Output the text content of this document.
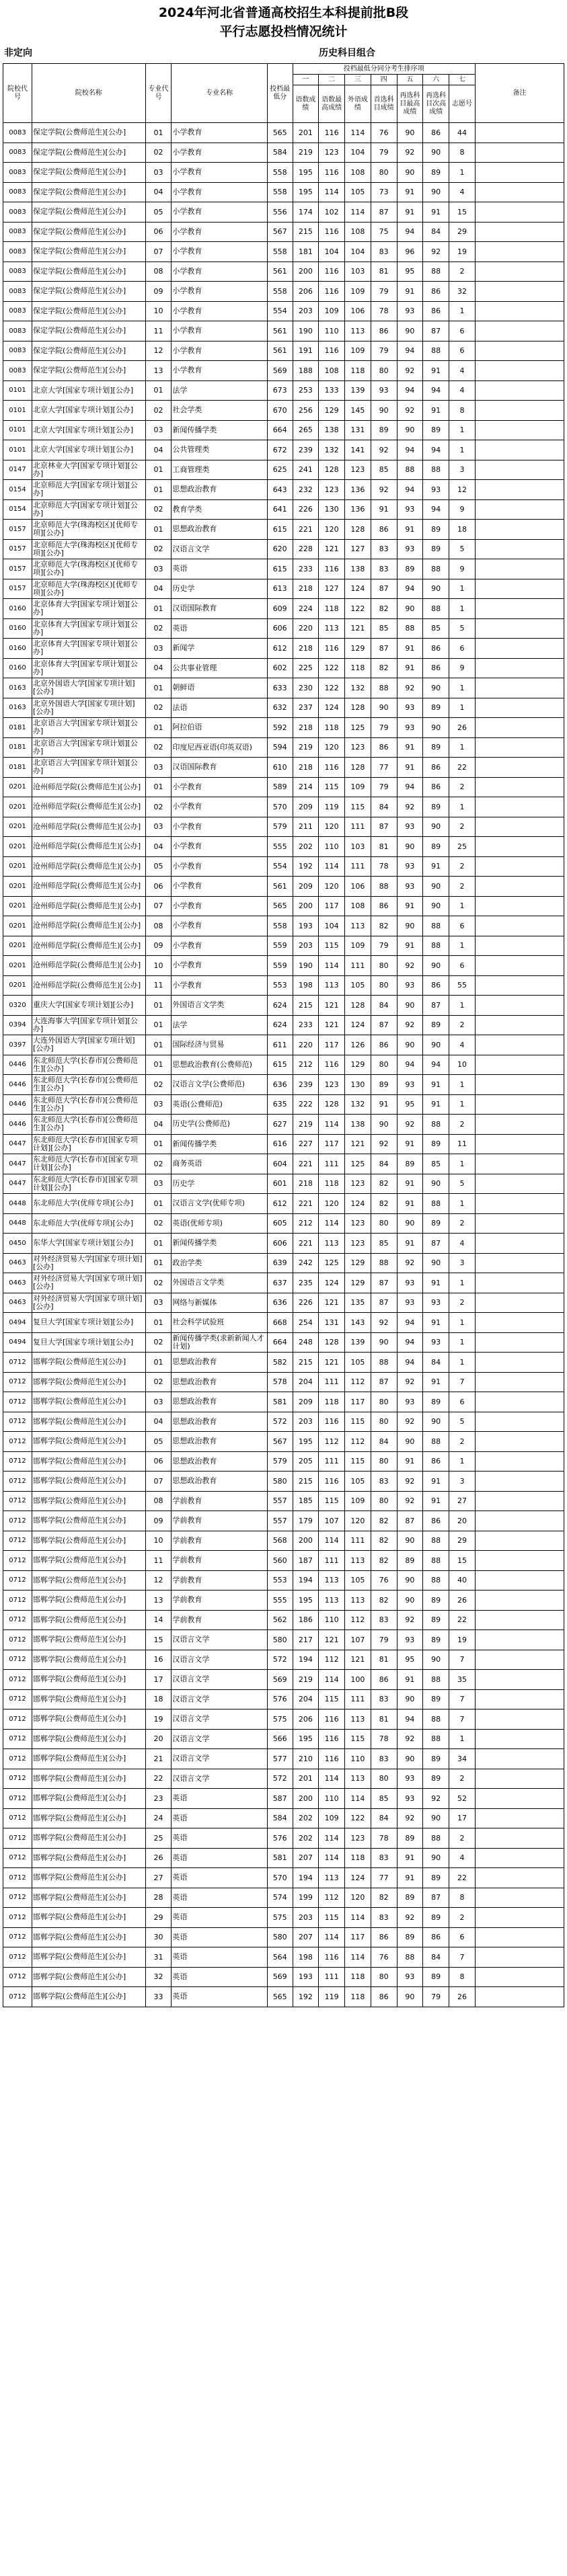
2024年河北省普通高校招生本科提前批B段
平行志愿投档情况统计
非定向	历史科目组合
院校代号	院校名称	专业代号	专业名称	投档最低分	投档最低分同分考生排序项							备注
					一	二	三	四	五	六	七	
					语数成绩	语数最高成绩	外语成绩	首选科目成绩	再选科目最高成绩	再选科目次高成绩	志愿号	
0083	保定学院(公费师范生)[公办]	01	小学教育	565	201	116	114	76	90	86	44	
0083	保定学院(公费师范生)[公办]	02	小学教育	584	219	123	104	79	92	90	8	
0083	保定学院(公费师范生)[公办]	03	小学教育	558	195	116	108	80	90	89	1	
0083	保定学院(公费师范生)[公办]	04	小学教育	558	195	114	105	73	91	90	4	
0083	保定学院(公费师范生)[公办]	05	小学教育	556	174	102	114	87	91	91	15	
0083	保定学院(公费师范生)[公办]	06	小学教育	567	215	116	108	75	94	84	29	
0083	保定学院(公费师范生)[公办]	07	小学教育	558	181	104	104	83	96	92	19	
0083	保定学院(公费师范生)[公办]	08	小学教育	561	200	116	103	81	95	88	2	
0083	保定学院(公费师范生)[公办]	09	小学教育	558	206	116	109	79	91	86	32	
0083	保定学院(公费师范生)[公办]	10	小学教育	554	203	109	106	78	93	86	1	
0083	保定学院(公费师范生)[公办]	11	小学教育	561	190	110	113	86	90	87	6	
0083	保定学院(公费师范生)[公办]	12	小学教育	561	191	116	109	79	94	88	6	
0083	保定学院(公费师范生)[公办]	13	小学教育	569	188	108	118	80	92	91	4	
0101	北京大学[国家专项计划][公办]	01	法学	673	253	133	139	93	94	94	4	
0101	北京大学[国家专项计划][公办]	02	社会学类	670	256	129	145	90	92	91	8	
0101	北京大学[国家专项计划][公办]	03	新闻传播学类	664	265	138	131	89	90	89	1	
0101	北京大学[国家专项计划][公办]	04	公共管理类	672	239	132	141	92	94	94	1	
0147	北京林业大学[国家专项计划][公办]	01	工商管理类	625	241	128	123	85	88	88	3	
0154	北京师范大学[国家专项计划][公办]	01	思想政治教育	643	232	123	136	92	94	93	12	
0154	北京师范大学[国家专项计划][公办]	02	教育学类	641	226	130	136	91	93	94	9	
0157	北京师范大学(珠海校区)[优师专项][公办]	01	思想政治教育	615	221	120	128	86	91	89	18	
0157	北京师范大学(珠海校区)[优师专项][公办]	02	汉语言文学	620	228	121	127	83	93	89	5	
0157	北京师范大学(珠海校区)[优师专项][公办]	03	英语	615	233	116	138	83	89	88	9	
0157	北京师范大学(珠海校区)[优师专项][公办]	04	历史学	613	218	127	124	87	94	90	1	
0160	北京体育大学[国家专项计划][公办]	01	汉语国际教育	609	224	118	122	82	90	88	1	
0160	北京体育大学[国家专项计划][公办]	02	英语	606	220	113	121	85	88	85	5	
0160	北京体育大学[国家专项计划][公办]	03	新闻学	612	218	116	129	87	91	86	6	
0160	北京体育大学[国家专项计划][公办]	04	公共事业管理	602	225	122	118	82	91	86	9	
0163	北京外国语大学[国家专项计划][公办]	01	朝鲜语	633	230	122	132	88	92	90	1	
0163	北京外国语大学[国家专项计划][公办]	02	法语	632	237	124	128	90	93	89	1	
0181	北京语言大学[国家专项计划][公办]	01	阿拉伯语	592	218	118	125	79	93	90	26	
0181	北京语言大学[国家专项计划][公办]	02	印度尼西亚语(印英双语)	594	219	120	123	86	91	89	1	
0181	北京语言大学[国家专项计划][公办]	03	汉语国际教育	610	218	116	128	77	91	86	22	
0201	沧州师范学院(公费师范生)[公办]	01	小学教育	589	214	115	109	79	94	86	2	
0201	沧州师范学院(公费师范生)[公办]	02	小学教育	570	209	119	115	84	92	89	1	
0201	沧州师范学院(公费师范生)[公办]	03	小学教育	579	211	120	111	87	93	90	2	
0201	沧州师范学院(公费师范生)[公办]	04	小学教育	555	202	110	103	81	90	89	25	
0201	沧州师范学院(公费师范生)[公办]	05	小学教育	554	192	114	111	78	93	91	2	
0201	沧州师范学院(公费师范生)[公办]	06	小学教育	561	209	120	106	88	93	90	2	
0201	沧州师范学院(公费师范生)[公办]	07	小学教育	565	200	117	108	86	91	90	1	
0201	沧州师范学院(公费师范生)[公办]	08	小学教育	558	193	104	113	82	90	88	6	
0201	沧州师范学院(公费师范生)[公办]	09	小学教育	559	203	115	109	79	91	88	1	
0201	沧州师范学院(公费师范生)[公办]	10	小学教育	559	190	114	111	80	92	90	6	
0201	沧州师范学院(公费师范生)[公办]	11	小学教育	553	198	113	105	80	93	86	55	
0320	重庆大学[国家专项计划][公办]	01	外国语言文学类	624	215	121	128	84	90	87	1	
0394	大连海事大学[国家专项计划][公办]	01	法学	624	233	121	124	87	92	89	2	
0397	大连外国语大学[国家专项计划][公办]	01	国际经济与贸易	611	220	117	126	86	90	90	4	
0446	东北师范大学(长春市)[公费师范生][公办]	01	思想政治教育(公费师范)	615	212	116	129	80	94	94	10	
0446	东北师范大学(长春市)[公费师范生][公办]	02	汉语言文学(公费师范)	636	239	123	130	89	93	91	1	
0446	东北师范大学(长春市)[公费师范生][公办]	03	英语(公费师范)	635	222	128	132	91	95	91	1	
0446	东北师范大学(长春市)[公费师范生][公办]	04	历史学(公费师范)	627	219	114	138	90	92	88	2	
0447	东北师范大学(长春市)[国家专项计划][公办]	01	新闻传播学类	616	227	117	121	92	91	89	11	
0447	东北师范大学(长春市)[国家专项计划][公办]	02	商务英语	604	221	111	125	84	89	85	1	
0447	东北师范大学(长春市)[国家专项计划][公办]	03	历史学	601	218	118	123	82	91	90	5	
0448	东北师范大学(优师专项)[公办]	01	汉语言文学(优师专项)	612	221	120	124	82	91	88	1	
0448	东北师范大学(优师专项)[公办]	02	英语(优师专项)	605	212	114	123	80	90	89	2	
0450	东华大学[国家专项计划][公办]	01	新闻传播学类	606	221	113	123	85	91	87	4	
0463	对外经济贸易大学[国家专项计划][公办]	01	政治学类	639	242	125	129	88	92	90	3	
0463	对外经济贸易大学[国家专项计划][公办]	02	外国语言文学类	637	235	124	129	87	93	91	1	
0463	对外经济贸易大学[国家专项计划][公办]	03	网络与新媒体	636	226	121	135	87	93	93	2	
0494	复旦大学[国家专项计划][公办]	01	社会科学试验班	668	254	131	143	92	94	91	1	
0494	复旦大学[国家专项计划][公办]	02	新闻传播学类(求新新闻人才计划)	664	248	128	139	90	94	93	1	
0712	邯郸学院(公费师范生)[公办]	01	思想政治教育	582	215	121	105	88	94	84	1	
0712	邯郸学院(公费师范生)[公办]	02	思想政治教育	578	204	111	112	87	92	91	7	
0712	邯郸学院(公费师范生)[公办]	03	思想政治教育	581	209	118	117	80	93	89	6	
0712	邯郸学院(公费师范生)[公办]	04	思想政治教育	572	203	116	115	80	92	90	5	
0712	邯郸学院(公费师范生)[公办]	05	思想政治教育	567	195	112	112	84	90	88	2	
0712	邯郸学院(公费师范生)[公办]	06	思想政治教育	579	205	111	115	80	91	86	1	
0712	邯郸学院(公费师范生)[公办]	07	思想政治教育	580	215	116	105	83	92	91	3	
0712	邯郸学院(公费师范生)[公办]	08	学前教育	557	185	115	109	80	92	91	27	
0712	邯郸学院(公费师范生)[公办]	09	学前教育	557	179	107	120	82	87	86	20	
0712	邯郸学院(公费师范生)[公办]	10	学前教育	568	200	114	111	82	90	88	29	
0712	邯郸学院(公费师范生)[公办]	11	学前教育	560	187	111	113	82	89	88	15	
0712	邯郸学院(公费师范生)[公办]	12	学前教育	553	194	113	105	76	90	88	40	
0712	邯郸学院(公费师范生)[公办]	13	学前教育	555	195	113	113	82	90	89	26	
0712	邯郸学院(公费师范生)[公办]	14	学前教育	562	186	110	112	83	92	89	22	
0712	邯郸学院(公费师范生)[公办]	15	汉语言文学	580	217	121	107	79	93	89	19	
0712	邯郸学院(公费师范生)[公办]	16	汉语言文学	572	194	112	121	81	95	90	7	
0712	邯郸学院(公费师范生)[公办]	17	汉语言文学	569	219	114	100	86	91	88	35	
0712	邯郸学院(公费师范生)[公办]	18	汉语言文学	576	204	115	111	83	90	89	7	
0712	邯郸学院(公费师范生)[公办]	19	汉语言文学	575	206	116	113	81	94	88	7	
0712	邯郸学院(公费师范生)[公办]	20	汉语言文学	566	195	116	115	78	92	88	1	
0712	邯郸学院(公费师范生)[公办]	21	汉语言文学	577	210	116	110	83	90	89	34	
0712	邯郸学院(公费师范生)[公办]	22	汉语言文学	572	201	114	113	80	93	89	2	
0712	邯郸学院(公费师范生)[公办]	23	英语	587	200	110	114	85	93	92	52	
0712	邯郸学院(公费师范生)[公办]	24	英语	584	202	109	122	84	92	90	17	
0712	邯郸学院(公费师范生)[公办]	25	英语	576	202	114	123	78	89	88	2	
0712	邯郸学院(公费师范生)[公办]	26	英语	581	207	114	118	83	91	90	4	
0712	邯郸学院(公费师范生)[公办]	27	英语	570	194	113	124	77	91	89	22	
0712	邯郸学院(公费师范生)[公办]	28	英语	574	199	112	120	82	89	87	8	
0712	邯郸学院(公费师范生)[公办]	29	英语	575	203	115	114	83	92	89	2	
0712	邯郸学院(公费师范生)[公办]	30	英语	580	207	114	117	86	89	86	6	
0712	邯郸学院(公费师范生)[公办]	31	英语	564	198	116	114	76	88	84	7	
0712	邯郸学院(公费师范生)[公办]	32	英语	569	193	111	118	80	93	89	8	
0712	邯郸学院(公费师范生)[公办]	33	英语	565	192	119	118	86	90	79	26	
